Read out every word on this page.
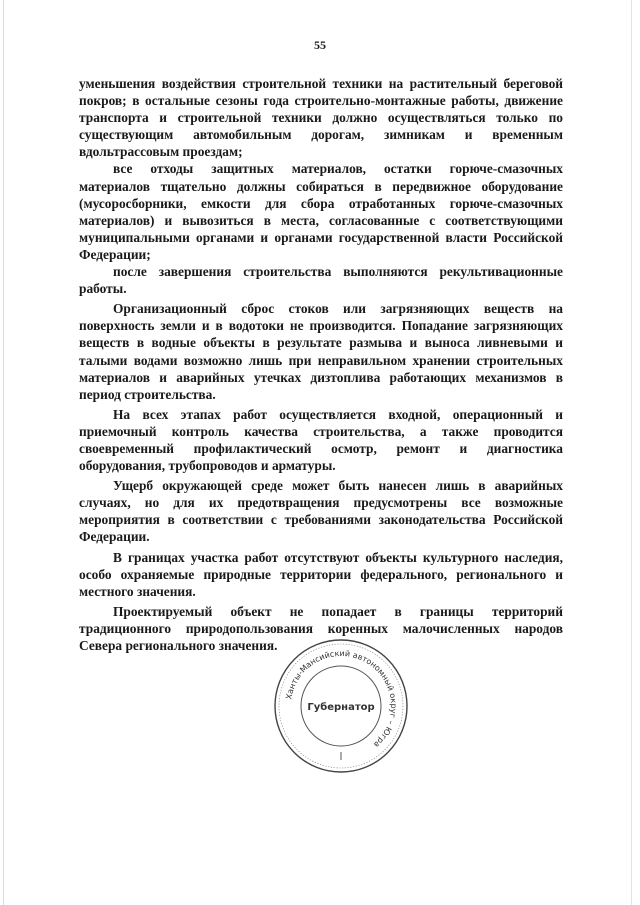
55

уменьшения воздействия строительной техники на растительный береговой покров; в остальные сезоны года строительно-монтажные работы, движение транспорта и строительной техники должно осуществляться только по существующим автомобильным дорогам, зимникам и временным вдольтрассовым проездам;

все отходы защитных материалов, остатки горюче-смазочных материалов тщательно должны собираться в передвижное оборудование (мусоросборники, емкости для сбора отработанных горюче-смазочных материалов) и вывозиться в места, согласованные с соответствующими муниципальными органами и органами государственной власти Российской Федерации;

после завершения строительства выполняются рекультивационные работы.

Организационный сброс стоков или загрязняющих веществ на поверхность земли и в водотоки не производится. Попадание загрязняющих веществ в водные объекты в результате размыва и выноса ливневыми и талыми водами возможно лишь при неправильном хранении строительных материалов и аварийных утечках дизтоплива работающих механизмов в период строительства.

На всех этапах работ осуществляется входной, операционный и приемочный контроль качества строительства, а также проводится своевременный профилактический осмотр, ремонт и диагностика оборудования, трубопроводов и арматуры.

Ущерб окружающей среде может быть нанесен лишь в аварийных случаях, но для их предотвращения предусмотрены все возможные мероприятия в соответствии с требованиями законодательства Российской Федерации.

В границах участка работ отсутствуют объекты культурного наследия, особо охраняемые природные территории федерального, регионального и местного значения.

Проектируемый объект не попадает в границы территорий традиционного природопользования коренных малочисленных народов Севера регионального значения.

Ханты-Мансийский автономный округ – Югра
Губернатор
